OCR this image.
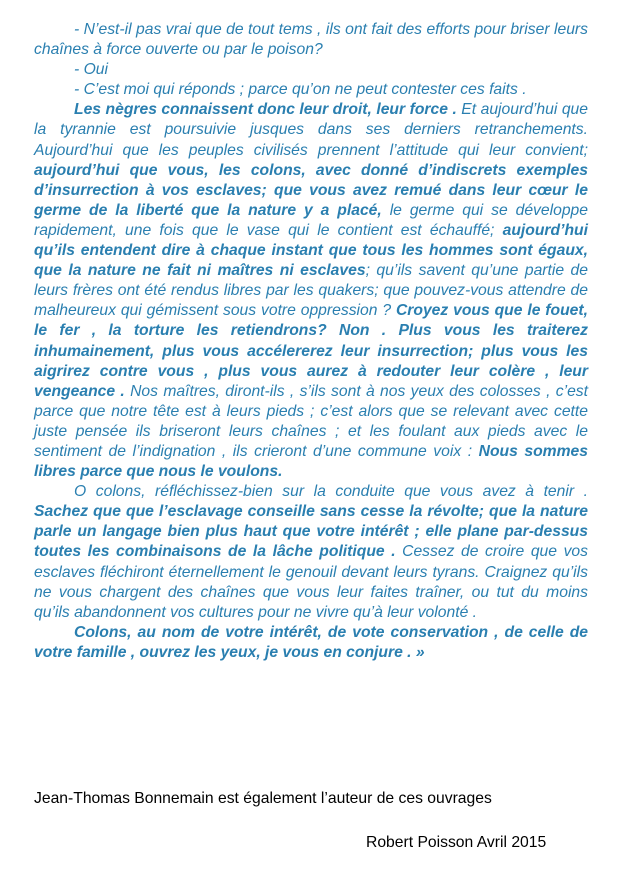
- N’est-il pas vrai que de tout tems , ils ont fait des efforts pour briser leurs chaînes à force ouverte ou par le poison?

- Oui

- C’est moi qui réponds ; parce qu’on ne peut contester ces faits .

Les nègres connaissent donc leur droit, leur force . Et aujourd’hui que la tyrannie est poursuivie jusques dans ses derniers retranchements. Aujourd’hui que les peuples civilisés prennent l’attitude qui leur convient; aujourd’hui que vous, les colons, avec donné d’indiscrets exemples d’insurrection à vos esclaves; que vous avez remué dans leur cœur le germe de la liberté que la nature y a placé, le germe qui se développe rapidement, une fois que le vase qui le contient est échauffé; aujourd’hui qu’ils entendent dire à chaque instant que tous les hommes sont égaux, que la nature ne fait ni maîtres ni esclaves; qu’ils savent qu’une partie de leurs frères ont été rendus libres par les quakers; que pouvez-vous attendre de malheureux qui gémissent sous votre oppression ? Croyez vous que le fouet, le fer , la torture les retiendrons? Non . Plus vous les traiterez inhumainement, plus vous accélererez leur insurrection; plus vous les aigrirez contre vous , plus vous aurez à redouter leur colère , leur vengeance . Nos maîtres, diront-ils , s’ils sont à nos yeux des colosses , c’est parce que notre tête est à leurs pieds ; c’est alors que se relevant avec cette juste pensée ils briseront leurs chaînes ; et les foulant aux pieds avec le sentiment de l’indignation , ils crieront d’une commune voix : Nous sommes libres parce que nous le voulons.

O colons, réfléchissez-bien sur la conduite que vous avez à tenir . Sachez que que l’esclavage conseille sans cesse la révolte; que la nature parle un langage bien plus haut que votre intérêt ; elle plane par-dessus toutes les combinaisons de la lâche politique . Cessez de croire que vos esclaves fléchiront éternellement le genouil devant leurs tyrans. Craignez qu’ils ne vous chargent des chaînes que vous leur faites traîner, ou tut du moins qu’ils abandonnent vos cultures pour ne vivre qu’à leur volonté .

Colons, au nom de votre intérêt, de vote conservation , de celle de votre famille , ouvrez les yeux, je vous en conjure . »

Jean-Thomas Bonnemain est également l’auteur de ces ouvrages
Robert Poisson Avril 2015
